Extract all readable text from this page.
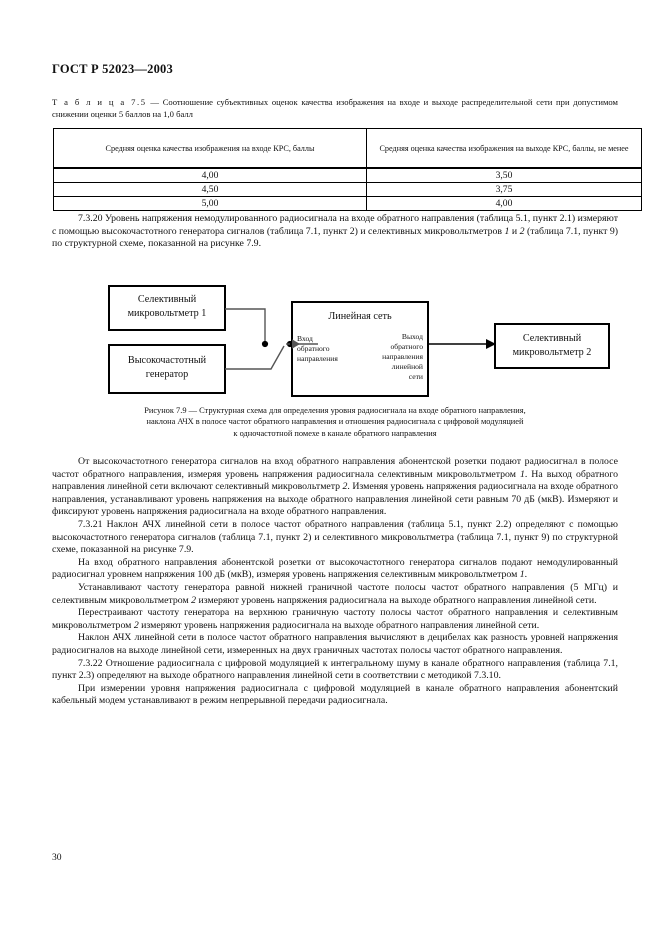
ГОСТ Р 52023—2003
Т а б л и ц а 7.5 — Соотношение субъективных оценок качества изображения на входе и выходе распределительной сети при допустимом снижении оценки 5 баллов на 1,0 балл
Средняя оценка качества изображения на входе КРС, баллы	Средняя оценка качества изображения на выходе КРС, баллы, не менее
4,00	3,50
4,50	3,75
5,00	4,00

7.3.20 Уровень напряжения немодулированного радиосигнала на входе обратного направления (таблица 5.1, пункт 2.1) измеряют с помощью высокочастотного генератора сигналов (таблица 7.1, пункт 2) и селективных микровольтметров 1 и 2 (таблица 7.1, пункт 9) по структурной схеме, показанной на рисунке 7.9.

Селективный
микровольтметр 1
Высокочастотный
генератор
Линейная сеть
Вход
обратного
направления
Выход
обратного
направления
линейной
сети
Селективный
микровольтметр 2
Рисунок 7.9 — Структурная схема для определения уровня радиосигнала на входе обратного направления,
наклона АЧХ в полосе частот обратного направления и отношения радиосигнала с цифровой модуляцией
к одночастотной помехе в канале обратного направления

От высокочастотного генератора сигналов на вход обратного направления абонентской розетки подают радиосигнал в полосе частот обратного направления, измеряя уровень напряжения радиосигнала селективным микровольтметром 1. На выход обратного направления линейной сети включают селективный микровольтметр 2. Изменяя уровень напряжения радиосигнала на входе обратного направления, устанавливают уровень напряжения на выходе обратного направления линейной сети равным 70 дБ (мкВ). Измеряют и фиксируют уровень напряжения радиосигнала на входе обратного направления.

7.3.21 Наклон АЧХ линейной сети в полосе частот обратного направления (таблица 5.1, пункт 2.2) определяют с помощью высокочастотного генератора сигналов (таблица 7.1, пункт 2) и селективного микровольтметра (таблица 7.1, пункт 9) по структурной схеме, показанной на рисунке 7.9.

На вход обратного направления абонентской розетки от высокочастотного генератора сигналов подают немодулированный радиосигнал уровнем напряжения 100 дБ (мкВ), измеряя уровень напряжения селективным микровольтметром 1.

Устанавливают частоту генератора равной нижней граничной частоте полосы частот обратного направления (5 МГц) и селективным микровольтметром 2 измеряют уровень напряжения радиосигнала на выходе обратного направления линейной сети.

Перестраивают частоту генератора на верхнюю граничную частоту полосы частот обратного направления и селективным микровольтметром 2 измеряют уровень напряжения радиосигнала на выходе обратного направления линейной сети.

Наклон АЧХ линейной сети в полосе частот обратного направления вычисляют в децибелах как разность уровней напряжения радиосигналов на выходе линейной сети, измеренных на двух граничных частотах полосы частот обратного направления.

7.3.22 Отношение радиосигнала с цифровой модуляцией к интегральному шуму в канале обратного направления (таблица 7.1, пункт 2.3) определяют на выходе обратного направления линейной сети в соответствии с методикой 7.3.10.

При измерении уровня напряжения радиосигнала с цифровой модуляцией в канале обратного направления абонентский кабельный модем устанавливают в режим непрерывной передачи радиосигнала.

30
